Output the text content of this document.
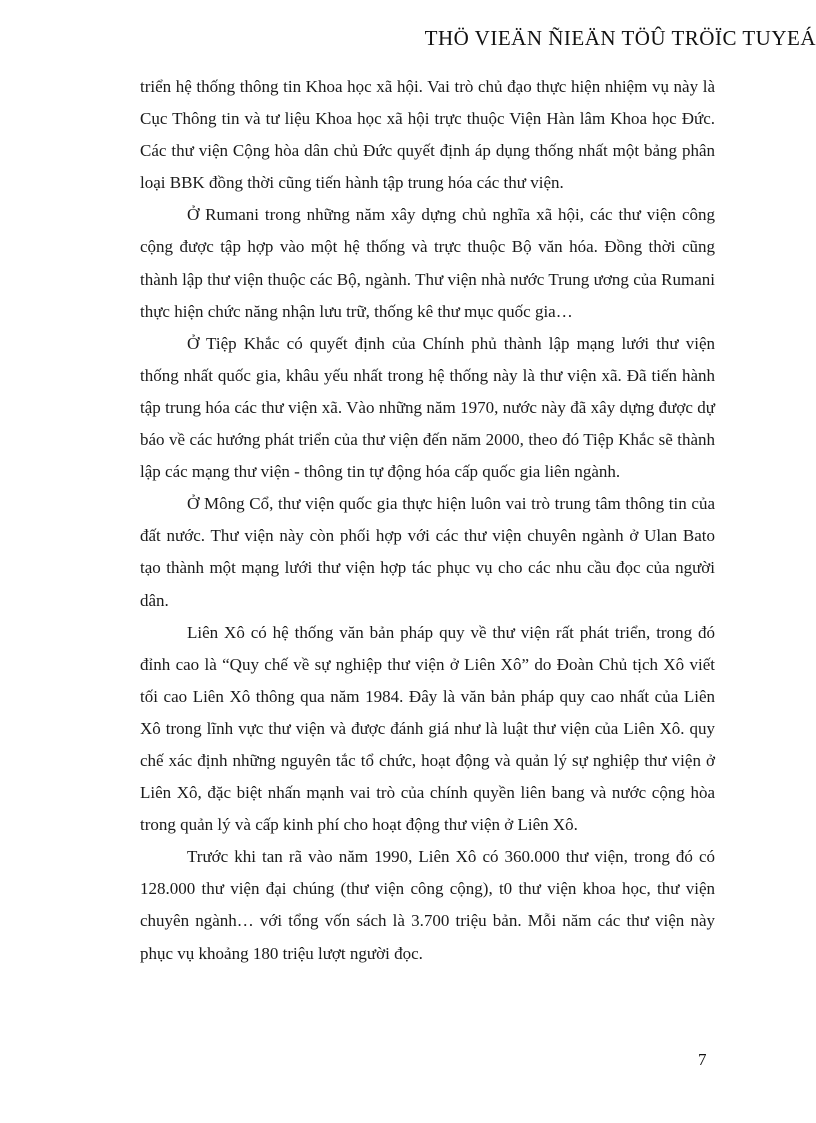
THÖ VIEÄN ÑIEÄN TÖÛ TRÖÏC TUYEÁ

triển hệ thống thông tin Khoa học xã hội. Vai trò chủ đạo thực hiện nhiệm vụ này là Cục Thông tin và tư liệu Khoa học xã hội trực thuộc Viện Hàn lâm Khoa học Đức. Các thư viện Cộng hòa dân chủ Đức quyết định áp dụng thống nhất một bảng phân loại BBK đồng thời cũng tiến hành tập trung hóa các thư viện.

Ở Rumani trong những năm xây dựng chủ nghĩa xã hội, các thư viện công cộng được tập hợp vào một hệ thống và trực thuộc Bộ văn hóa. Đồng thời cũng thành lập thư viện thuộc các Bộ, ngành. Thư viện nhà nước Trung ương của Rumani thực hiện chức năng nhận lưu trữ, thống kê thư mục quốc gia…

Ở Tiệp Khắc có quyết định của Chính phủ thành lập mạng lưới thư viện thống nhất quốc gia, khâu yếu nhất trong hệ thống này là thư viện xã. Đã tiến hành tập trung hóa các thư viện xã. Vào những năm 1970, nước này đã xây dựng được dự báo về các hướng phát triển của thư viện đến năm 2000, theo đó Tiệp Khắc sẽ thành lập các mạng thư viện - thông tin tự động hóa cấp quốc gia liên ngành.

Ở Mông Cổ, thư viện quốc gia thực hiện luôn vai trò trung tâm thông tin của đất nước. Thư viện này còn phối hợp với các thư viện chuyên ngành ở Ulan Bato tạo thành một mạng lưới thư viện hợp tác phục vụ cho các nhu cầu đọc của người dân.

Liên Xô có hệ thống văn bản pháp quy về thư viện rất phát triển, trong đó đỉnh cao là “Quy chế về sự nghiệp thư viện ở Liên Xô” do Đoàn Chủ tịch Xô viết tối cao Liên Xô thông qua năm 1984. Đây là văn bản pháp quy cao nhất của Liên Xô trong lĩnh vực thư viện và được đánh giá như là luật thư viện của Liên Xô. quy chế xác định những nguyên tắc tổ chức, hoạt động và quản lý sự nghiệp thư viện ở Liên Xô, đặc biệt nhấn mạnh vai trò của chính quyền liên bang và nước cộng hòa trong quản lý và cấp kinh phí cho hoạt động thư viện ở Liên Xô.

Trước khi tan rã vào năm 1990, Liên Xô có 360.000 thư viện, trong đó có 128.000 thư viện đại chúng (thư viện công cộng), t0 thư viện khoa học, thư viện chuyên ngành… với tổng vốn sách là 3.700 triệu bản. Mỗi năm các thư viện này phục vụ khoảng 180 triệu lượt người đọc.

7
